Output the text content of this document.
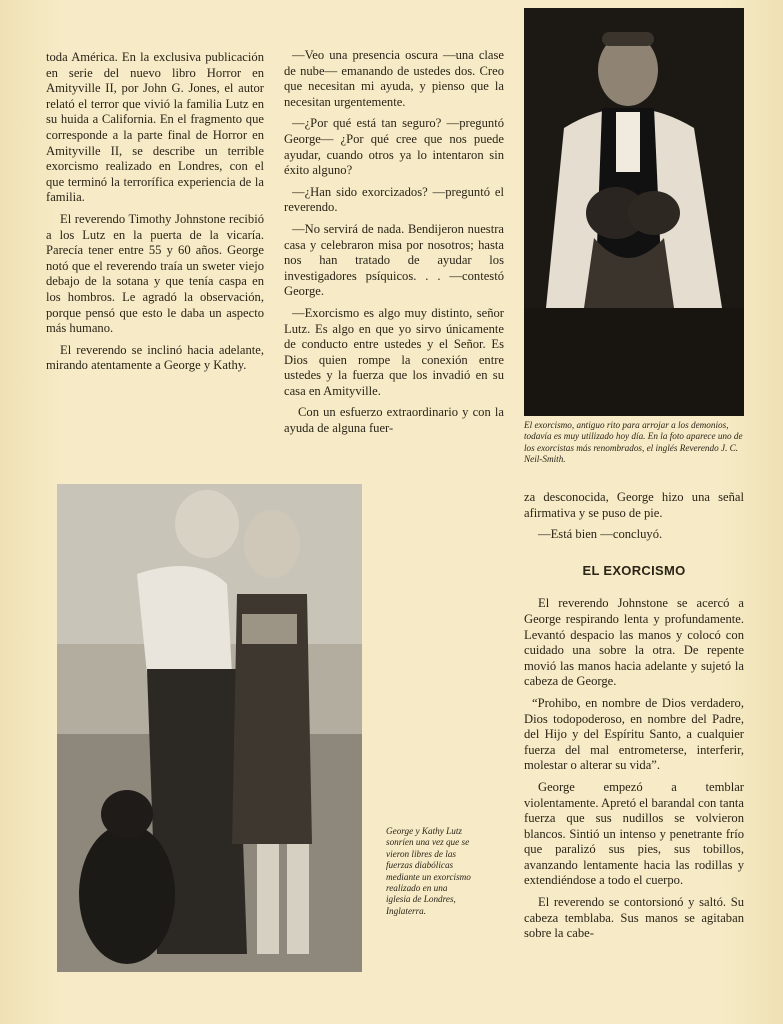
toda América. En la exclusiva publicación en serie del nuevo libro Horror en Amityville II, por John G. Jones, el autor relató el terror que vivió la familia Lutz en su huida a California. En el fragmento que corresponde a la parte final de Horror en Amityville II, se describe un terrible exorcismo realizado en Londres, con el que terminó la terrorífica experiencia de la familia.

El reverendo Timothy Johnstone recibió a los Lutz en la puerta de la vicaría. Parecía tener entre 55 y 60 años. George notó que el reverendo traía un sweter viejo debajo de la sotana y que tenía caspa en los hombros. Le agradó la observación, porque pensó que esto le daba un aspecto más humano.

El reverendo se inclinó hacia adelante, mirando atentamente a George y Kathy.

—Veo una presencia oscura —una clase de nube— emanando de ustedes dos. Creo que necesitan mi ayuda, y pienso que la necesitan urgentemente.

—¿Por qué está tan seguro? —preguntó George— ¿Por qué cree que nos puede ayudar, cuando otros ya lo intentaron sin éxito alguno?

—¿Han sido exorcizados? —preguntó el reverendo.

—No servirá de nada. Bendijeron nuestra casa y celebraron misa por nosotros; hasta nos han tratado de ayudar los investigadores psíquicos. . . —contestó George.

—Exorcismo es algo muy distinto, señor Lutz. Es algo en que yo sirvo únicamente de conducto entre ustedes y el Señor. Es Dios quien rompe la conexión entre ustedes y la fuerza que los invadió en su casa en Amityville.

Con un esfuerzo extraordinario y con la ayuda de alguna fuer-	El exorcismo, antiguo rito para arrojar a los demonios, todavía es muy utilizado hoy día. En la foto aparece uno de los exorcistas más renombrados, el inglés Reverendo J. C. Neil-Smith.
George y Kathy Lutz sonríen una vez que se vieron libres de las fuerzas diabólicas mediante un exorcismo realizado en una iglesia de Londres, Inglaterra.

za desconocida, George hizo una señal afirmativa y se puso de pie.

—Está bien —concluyó.

EL EXORCISMO

El reverendo Johnstone se acercó a George respirando lenta y profundamente. Levantó despacio las manos y colocó con cuidado una sobre la otra. De repente movió las manos hacia adelante y sujetó la cabeza de George.

“Prohibo, en nombre de Dios verdadero, Dios todopoderoso, en nombre del Padre, del Hijo y del Espíritu Santo, a cualquier fuerza del mal entrometerse, interferir, molestar o alterar su vida”.

George empezó a temblar violentamente. Apretó el barandal con tanta fuerza que sus nudillos se volvieron blancos. Sintió un intenso y penetrante frío que paralizó sus pies, sus tobillos, avanzando lentamente hacia las rodillas y extendiéndose a todo el cuerpo.

El reverendo se contorsionó y saltó. Su cabeza temblaba. Sus manos se agitaban sobre la cabe-
